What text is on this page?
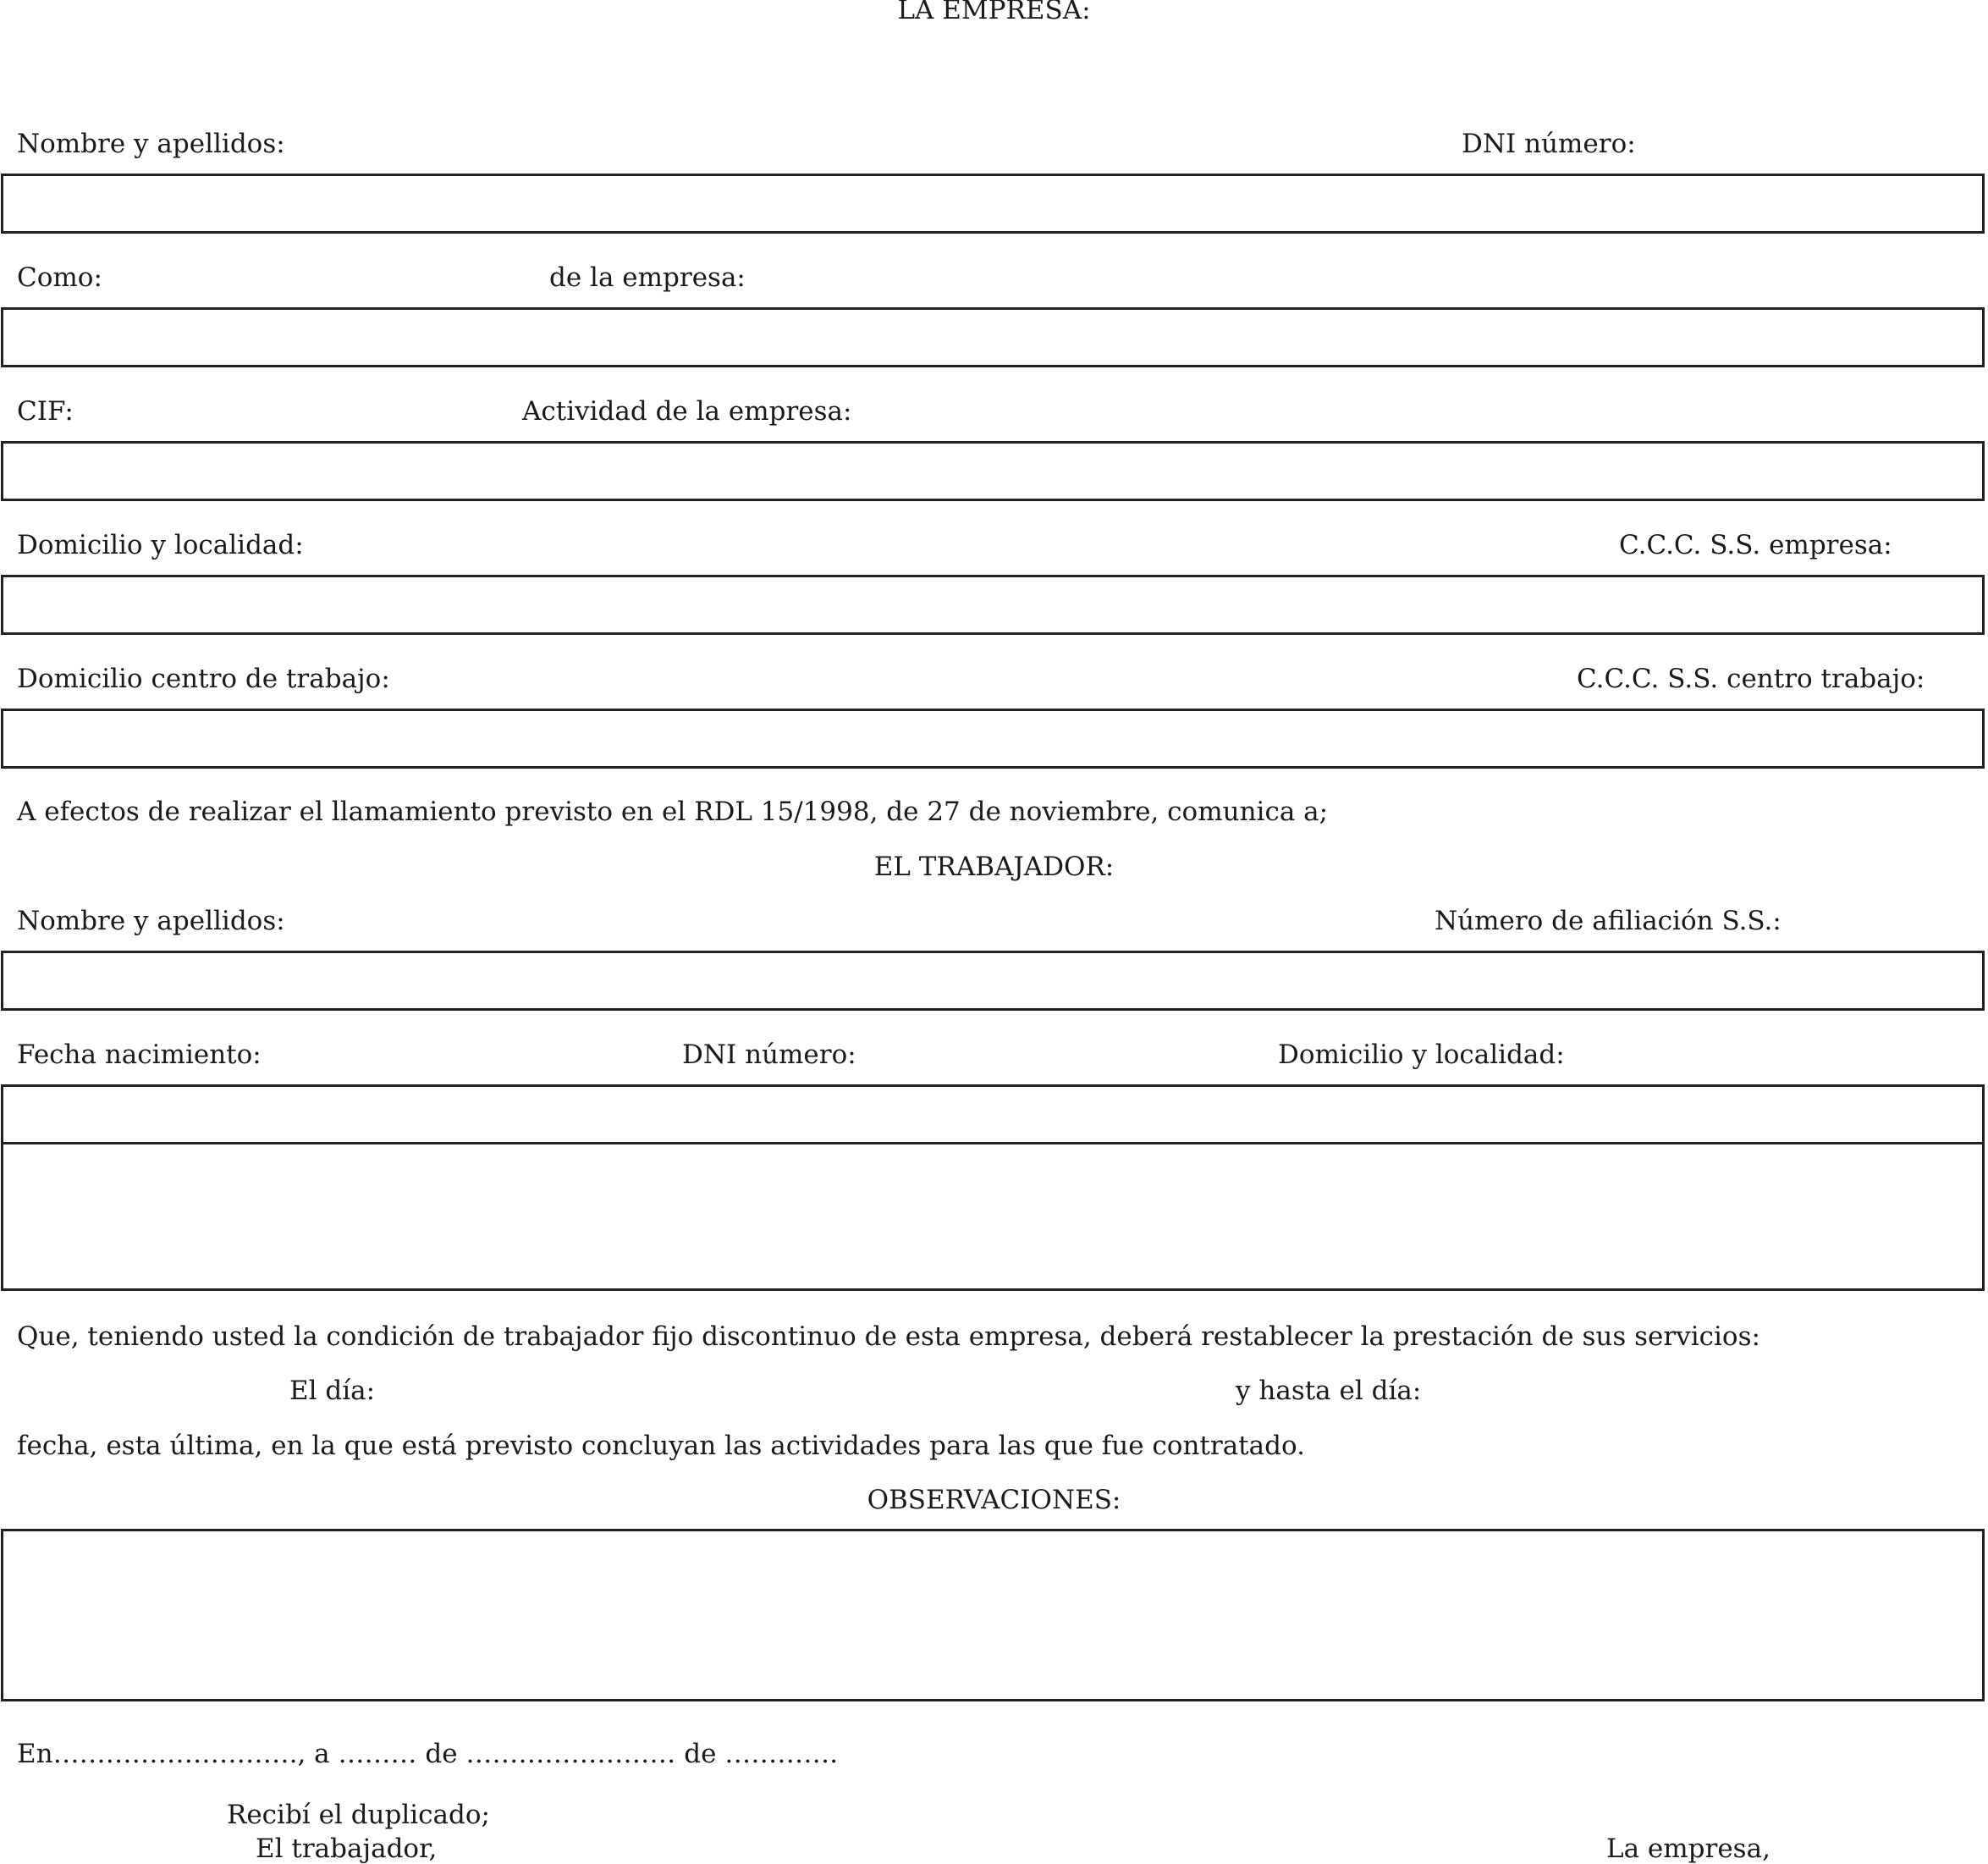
LA EMPRESA:
Nombre y apellidos:	DNI número:
Como:	de la empresa:
CIF:	Actividad de la empresa:
Domicilio y localidad:	C.C.C. S.S. empresa:
Domicilio centro de trabajo:	C.C.C. S.S. centro trabajo:
A efectos de realizar el llamamiento previsto en el RDL 15/1998, de 27 de noviembre, comunica a;
EL TRABAJADOR:
Nombre y apellidos:	Número de afiliación S.S.:
Fecha nacimiento:	DNI número:	Domicilio y localidad:
Que, teniendo usted la condición de trabajador fijo discontinuo de esta empresa, deberá restablecer la prestación de sus servicios:
El día:	y hasta el día:
fecha, esta última, en la que está previsto concluyan las actividades para las que fue contratado.
OBSERVACIONES:
En………………………., a ……… de …………………… de ………….
Recibí el duplicado;
El trabajador,	La empresa,
